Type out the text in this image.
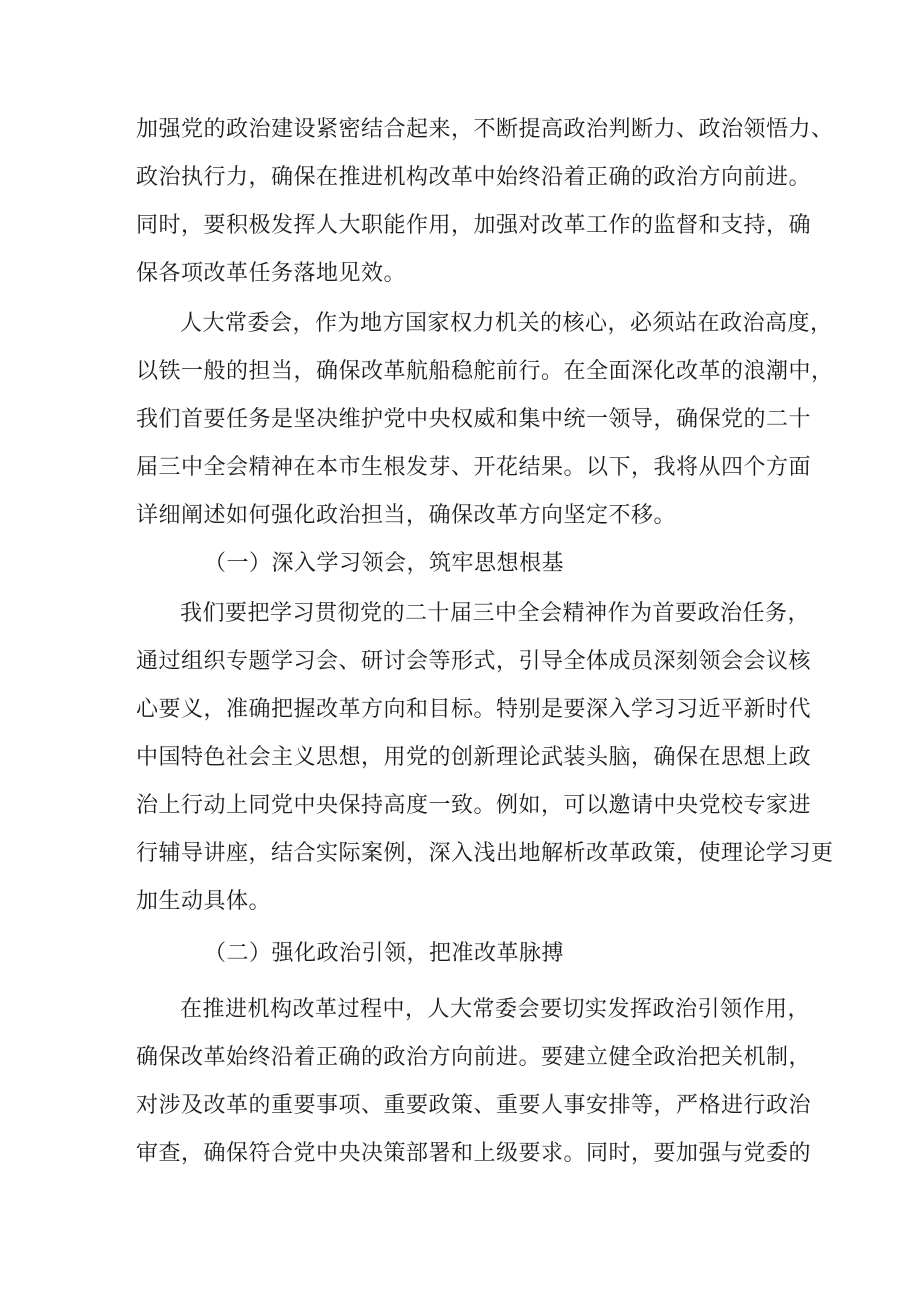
加强党的政治建设紧密结合起来，不断提高政治判断力、政治领悟力、
政治执行力，确保在推进机构改革中始终沿着正确的政治方向前进。
同时，要积极发挥人大职能作用，加强对改革工作的监督和支持，确
保各项改革任务落地见效。
人大常委会，作为地方国家权力机关的核心，必须站在政治高度，
以铁一般的担当，确保改革航船稳舵前行。在全面深化改革的浪潮中，
我们首要任务是坚决维护党中央权威和集中统一领导，确保党的二十
届三中全会精神在本市生根发芽、开花结果。以下，我将从四个方面
详细阐述如何强化政治担当，确保改革方向坚定不移。
（一）深入学习领会，筑牢思想根基
我们要把学习贯彻党的二十届三中全会精神作为首要政治任务，
通过组织专题学习会、研讨会等形式，引导全体成员深刻领会会议核
心要义，准确把握改革方向和目标。特别是要深入学习习近平新时代
中国特色社会主义思想，用党的创新理论武装头脑，确保在思想上政
治上行动上同党中央保持高度一致。例如，可以邀请中央党校专家进
行辅导讲座，结合实际案例，深入浅出地解析改革政策，使理论学习更
加生动具体。
（二）强化政治引领，把准改革脉搏
在推进机构改革过程中，人大常委会要切实发挥政治引领作用，
确保改革始终沿着正确的政治方向前进。要建立健全政治把关机制，
对涉及改革的重要事项、重要政策、重要人事安排等，严格进行政治
审查，确保符合党中央决策部署和上级要求。同时，要加强与党委的
